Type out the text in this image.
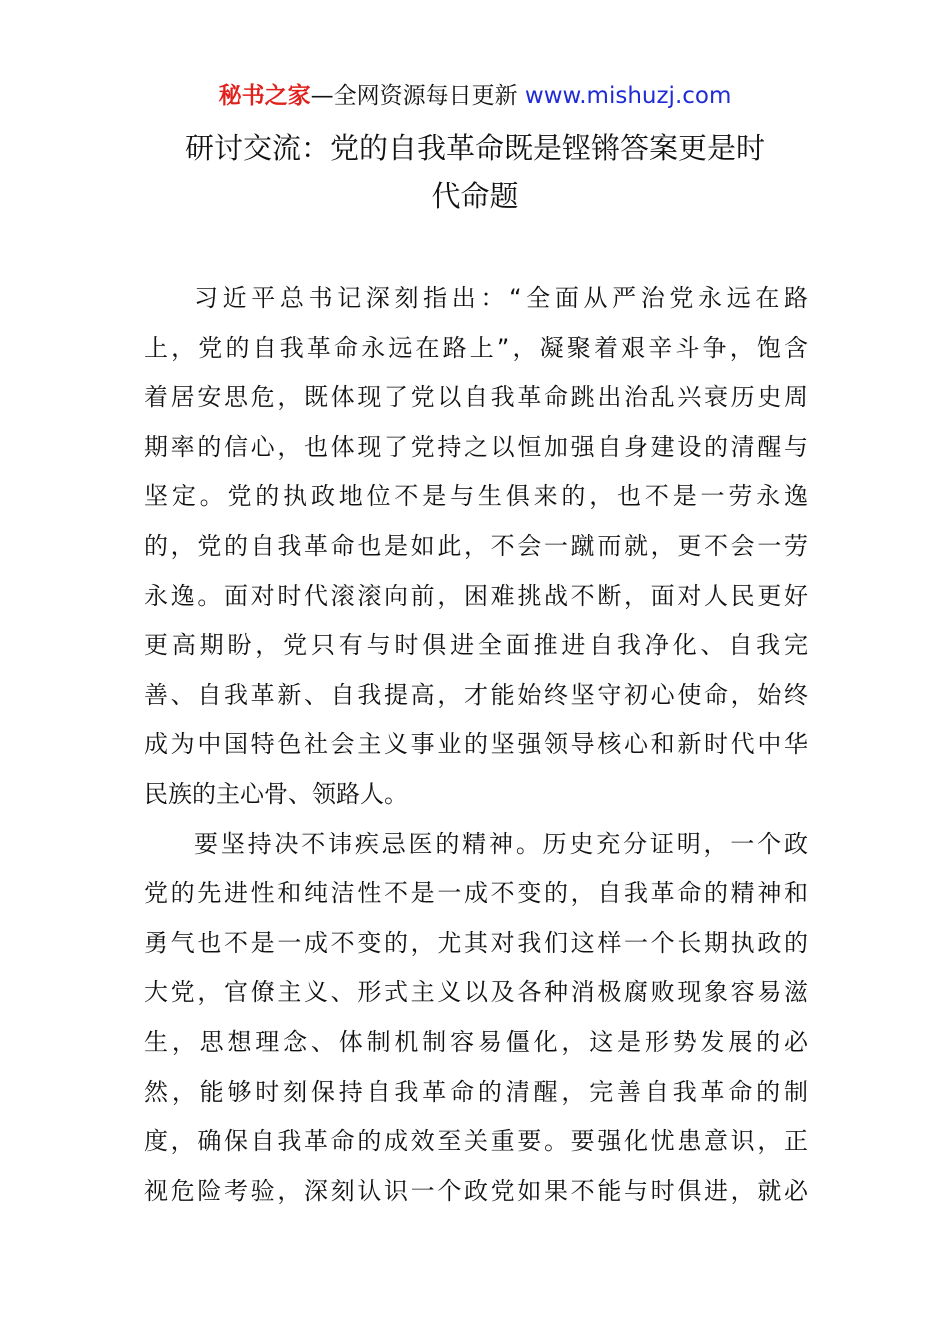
秘书之家—全网资源每日更新 www.mishuzj.com
研讨交流：党的自我革命既是铿锵答案更是时
代命题
习近平总书记深刻指出：“全面从严治党永远在路
上，党的自我革命永远在路上”，凝聚着艰辛斗争，饱含
着居安思危，既体现了党以自我革命跳出治乱兴衰历史周
期率的信心，也体现了党持之以恒加强自身建设的清醒与
坚定。党的执政地位不是与生俱来的，也不是一劳永逸
的，党的自我革命也是如此，不会一蹴而就，更不会一劳
永逸。面对时代滚滚向前，困难挑战不断，面对人民更好
更高期盼，党只有与时俱进全面推进自我净化、自我完
善、自我革新、自我提高，才能始终坚守初心使命，始终
成为中国特色社会主义事业的坚强领导核心和新时代中华
民族的主心骨、领路人。
要坚持决不讳疾忌医的精神。历史充分证明，一个政
党的先进性和纯洁性不是一成不变的，自我革命的精神和
勇气也不是一成不变的，尤其对我们这样一个长期执政的
大党，官僚主义、形式主义以及各种消极腐败现象容易滋
生，思想理念、体制机制容易僵化，这是形势发展的必
然，能够时刻保持自我革命的清醒，完善自我革命的制
度，确保自我革命的成效至关重要。要强化忧患意识，正
视危险考验，深刻认识一个政党如果不能与时俱进，就必
